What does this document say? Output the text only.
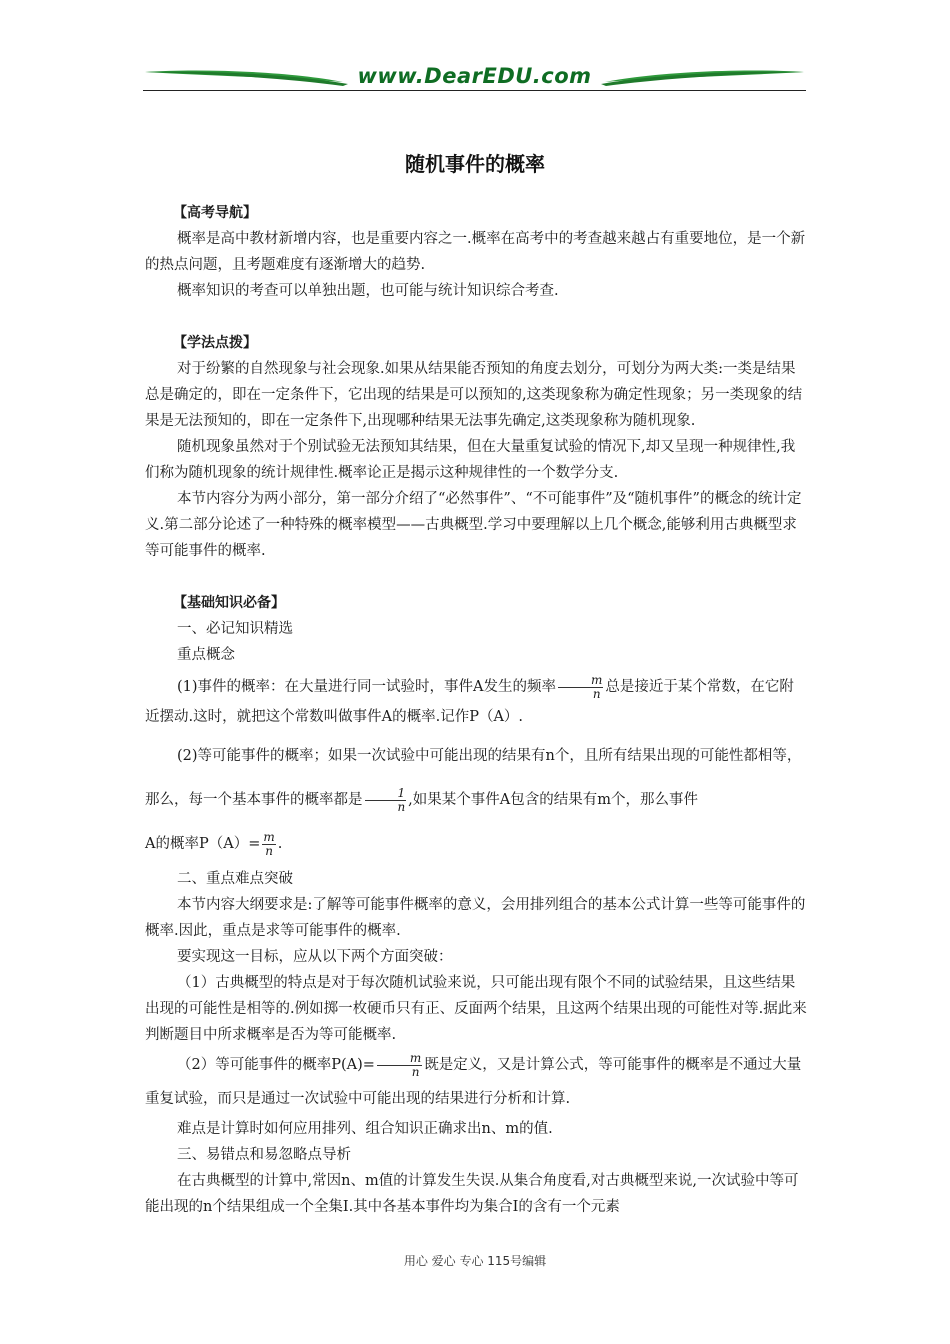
www.DearEDU.com
随机事件的概率
【高考导航】

概率是高中教材新增内容，也是重要内容之一.概率在高考中的考查越来越占有重要地位，是一个新的热点问题，且考题难度有逐渐增大的趋势.

概率知识的考查可以单独出题，也可能与统计知识综合考查.

【学法点拨】

对于纷繁的自然现象与社会现象.如果从结果能否预知的角度去划分，可划分为两大类:一类是结果总是确定的，即在一定条件下，它出现的结果是可以预知的,这类现象称为确定性现象；另一类现象的结果是无法预知的，即在一定条件下,出现哪种结果无法事先确定,这类现象称为随机现象.

随机现象虽然对于个别试验无法预知其结果，但在大量重复试验的情况下,却又呈现一种规律性,我们称为随机现象的统计规律性.概率论正是揭示这种规律性的一个数学分支.

本节内容分为两小部分，第一部分介绍了“必然事件”、“不可能事件”及“随机事件”的概念的统计定义.第二部分论述了一种特殊的概率模型——古典概型.学习中要理解以上几个概念,能够利用古典概型求等可能事件的概率.

【基础知识必备】

一、必记知识精选

重点概念

(1)事件的概率：在大量进行同一试验时，事件A发生的频率 $\frac{m}{n}$ 总是接近于某个常数，在它附近摆动.这时，就把这个常数叫做事件A的概率.记作P（A）.

(2)等可能事件的概率；如果一次试验中可能出现的结果有n个，且所有结果出现的可能性都相等，那么，每一个基本事件的概率都是 $\frac{1}{n}$ ,如果某个事件A包含的结果有m个，那么事件

A的概率$P(A)= \frac{m}{n}$ .

二、重点难点突破

本节内容大纲要求是:了解等可能事件概率的意义，会用排列组合的基本公式计算一些等可能事件的概率.因此，重点是求等可能事件的概率.

要实现这一目标，应从以下两个方面突破：

（1）古典概型的特点是对于每次随机试验来说，只可能出现有限个不同的试验结果，且这些结果出现的可能性是相等的.例如掷一枚硬币只有正、反面两个结果，且这两个结果出现的可能性对等.据此来判断题目中所求概率是否为等可能概率.

（2）等可能事件的概率$P(A)= \frac{m}{n}$ 既是定义，又是计算公式，等可能事件的概率是不通过大量重复试验，而只是通过一次试验中可能出现的结果进行分析和计算.

难点是计算时如何应用排列、组合知识正确求出n、m的值.

三、易错点和易忽略点导析

在古典概型的计算中,常因n、m值的计算发生失误.从集合角度看,对古典概型来说,一次试验中等可能出现的n个结果组成一个全集I.其中各基本事件均为集合I的含有一个元素

用心 爱心 专心 115号编辑
